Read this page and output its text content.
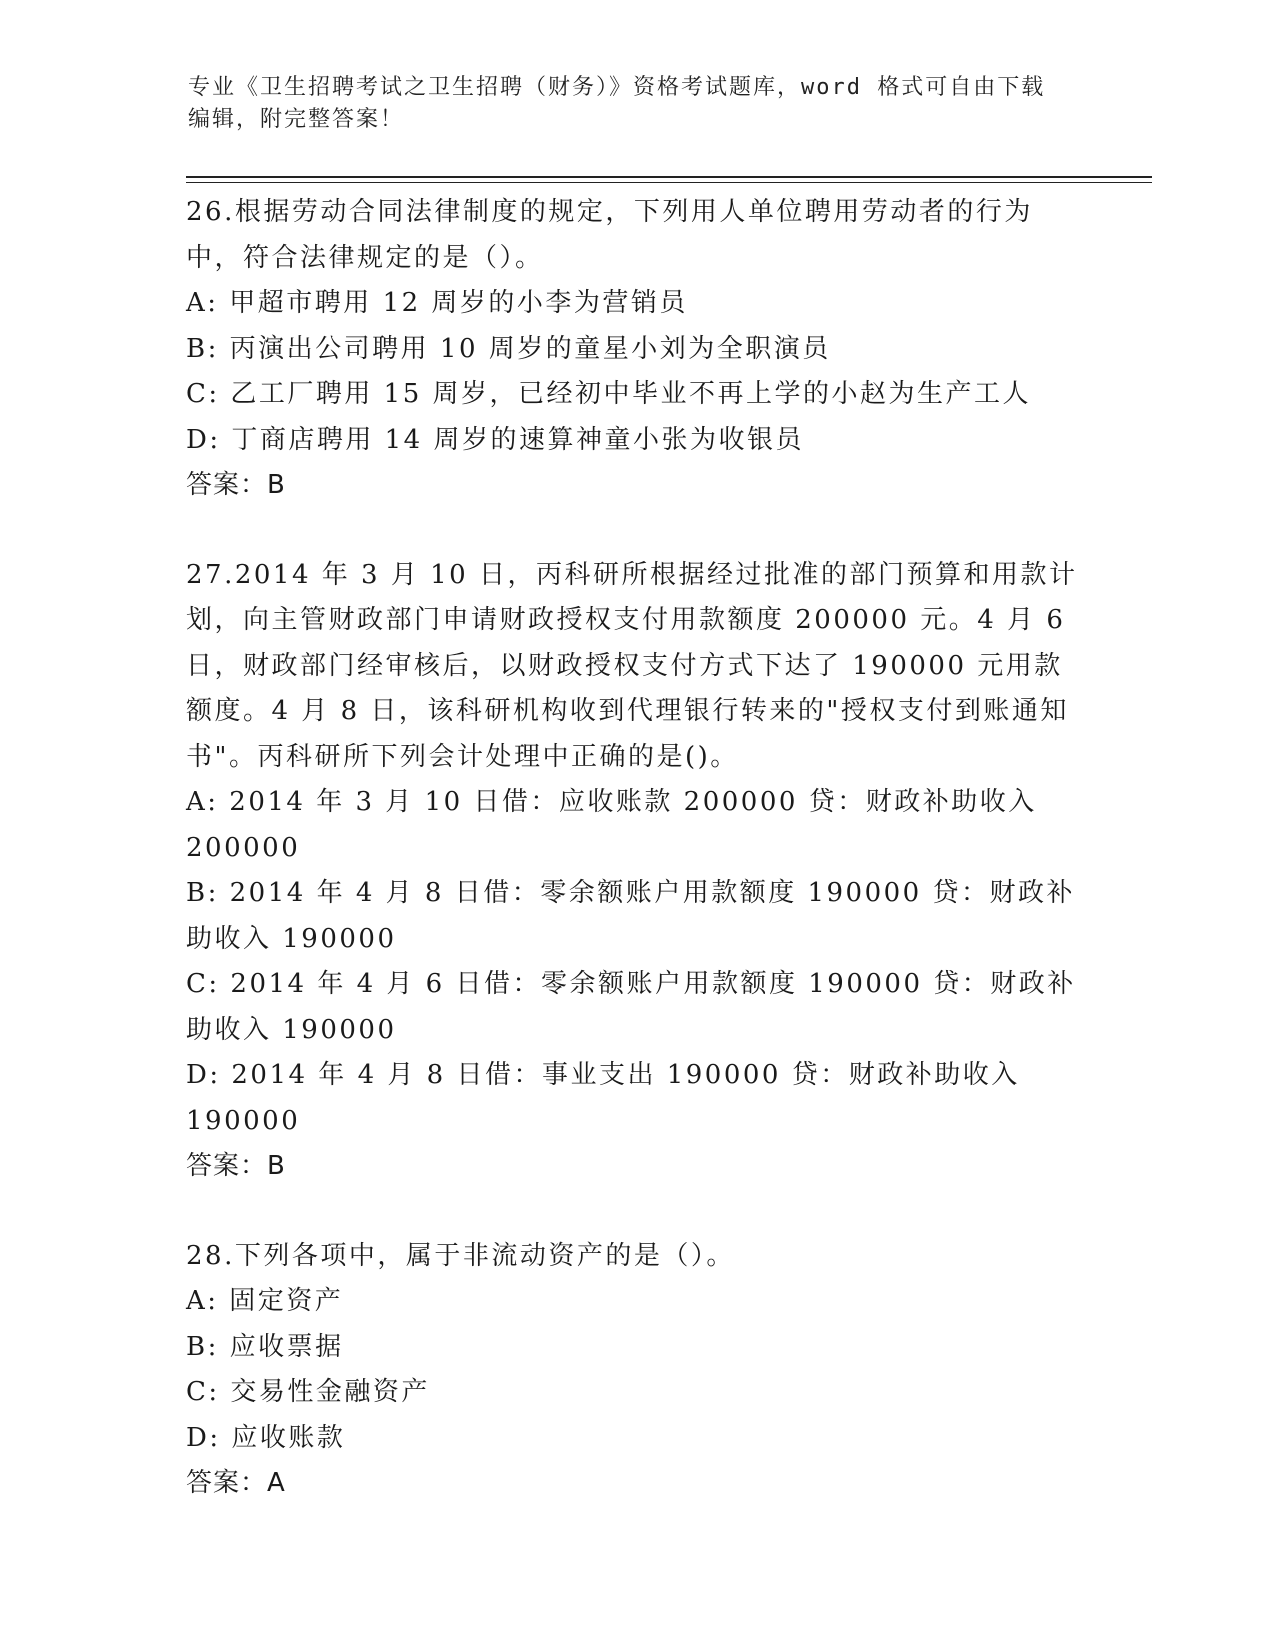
专业《卫生招聘考试之卫生招聘（财务）》资格考试题库，word 格式可自由下载
编辑，附完整答案！

26.根据劳动合同法律制度的规定，下列用人单位聘用劳动者的行为中，符合法律规定的是（）。

A: 甲超市聘用 12 周岁的小李为营销员

B: 丙演出公司聘用 10 周岁的童星小刘为全职演员

C: 乙工厂聘用 15 周岁，已经初中毕业不再上学的小赵为生产工人

D: 丁商店聘用 14 周岁的速算神童小张为收银员

答案：B

27.2014 年 3 月 10 日，丙科研所根据经过批准的部门预算和用款计划，向主管财政部门申请财政授权支付用款额度 200000 元。4 月 6 日，财政部门经审核后，以财政授权支付方式下达了 190000 元用款额度。4 月 8 日，该科研机构收到代理银行转来的"授权支付到账通知书"。丙科研所下列会计处理中正确的是()。

A: 2014 年 3 月 10 日借：应收账款 200000 贷：财政补助收入 200000

B: 2014 年 4 月 8 日借：零余额账户用款额度 190000 贷：财政补助收入 190000

C: 2014 年 4 月 6 日借：零余额账户用款额度 190000 贷：财政补助收入 190000

D: 2014 年 4 月 8 日借：事业支出 190000 贷：财政补助收入 190000

答案：B

28.下列各项中，属于非流动资产的是（）。

A: 固定资产

B: 应收票据

C: 交易性金融资产

D: 应收账款

答案：A
